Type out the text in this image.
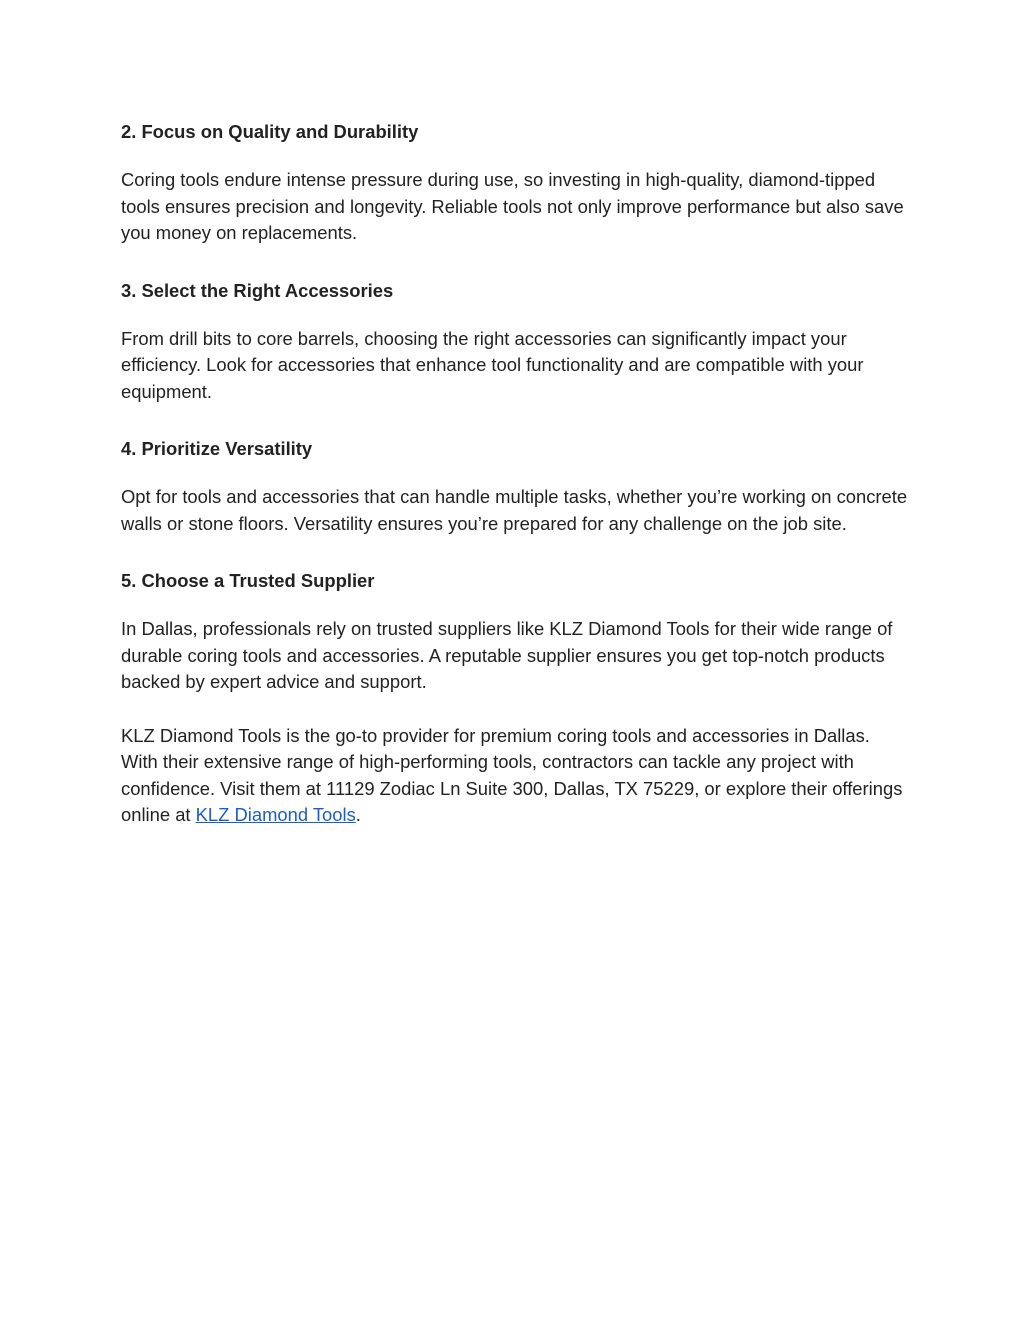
2. Focus on Quality and Durability
Coring tools endure intense pressure during use, so investing in high-quality, diamond-tipped tools ensures precision and longevity. Reliable tools not only improve performance but also save you money on replacements.
3. Select the Right Accessories
From drill bits to core barrels, choosing the right accessories can significantly impact your efficiency. Look for accessories that enhance tool functionality and are compatible with your equipment.
4. Prioritize Versatility
Opt for tools and accessories that can handle multiple tasks, whether you’re working on concrete walls or stone floors. Versatility ensures you’re prepared for any challenge on the job site.
5. Choose a Trusted Supplier
In Dallas, professionals rely on trusted suppliers like KLZ Diamond Tools for their wide range of durable coring tools and accessories. A reputable supplier ensures you get top-notch products backed by expert advice and support.
KLZ Diamond Tools is the go-to provider for premium coring tools and accessories in Dallas. With their extensive range of high-performing tools, contractors can tackle any project with confidence. Visit them at 11129 Zodiac Ln Suite 300, Dallas, TX 75229, or explore their offerings online at KLZ Diamond Tools.
